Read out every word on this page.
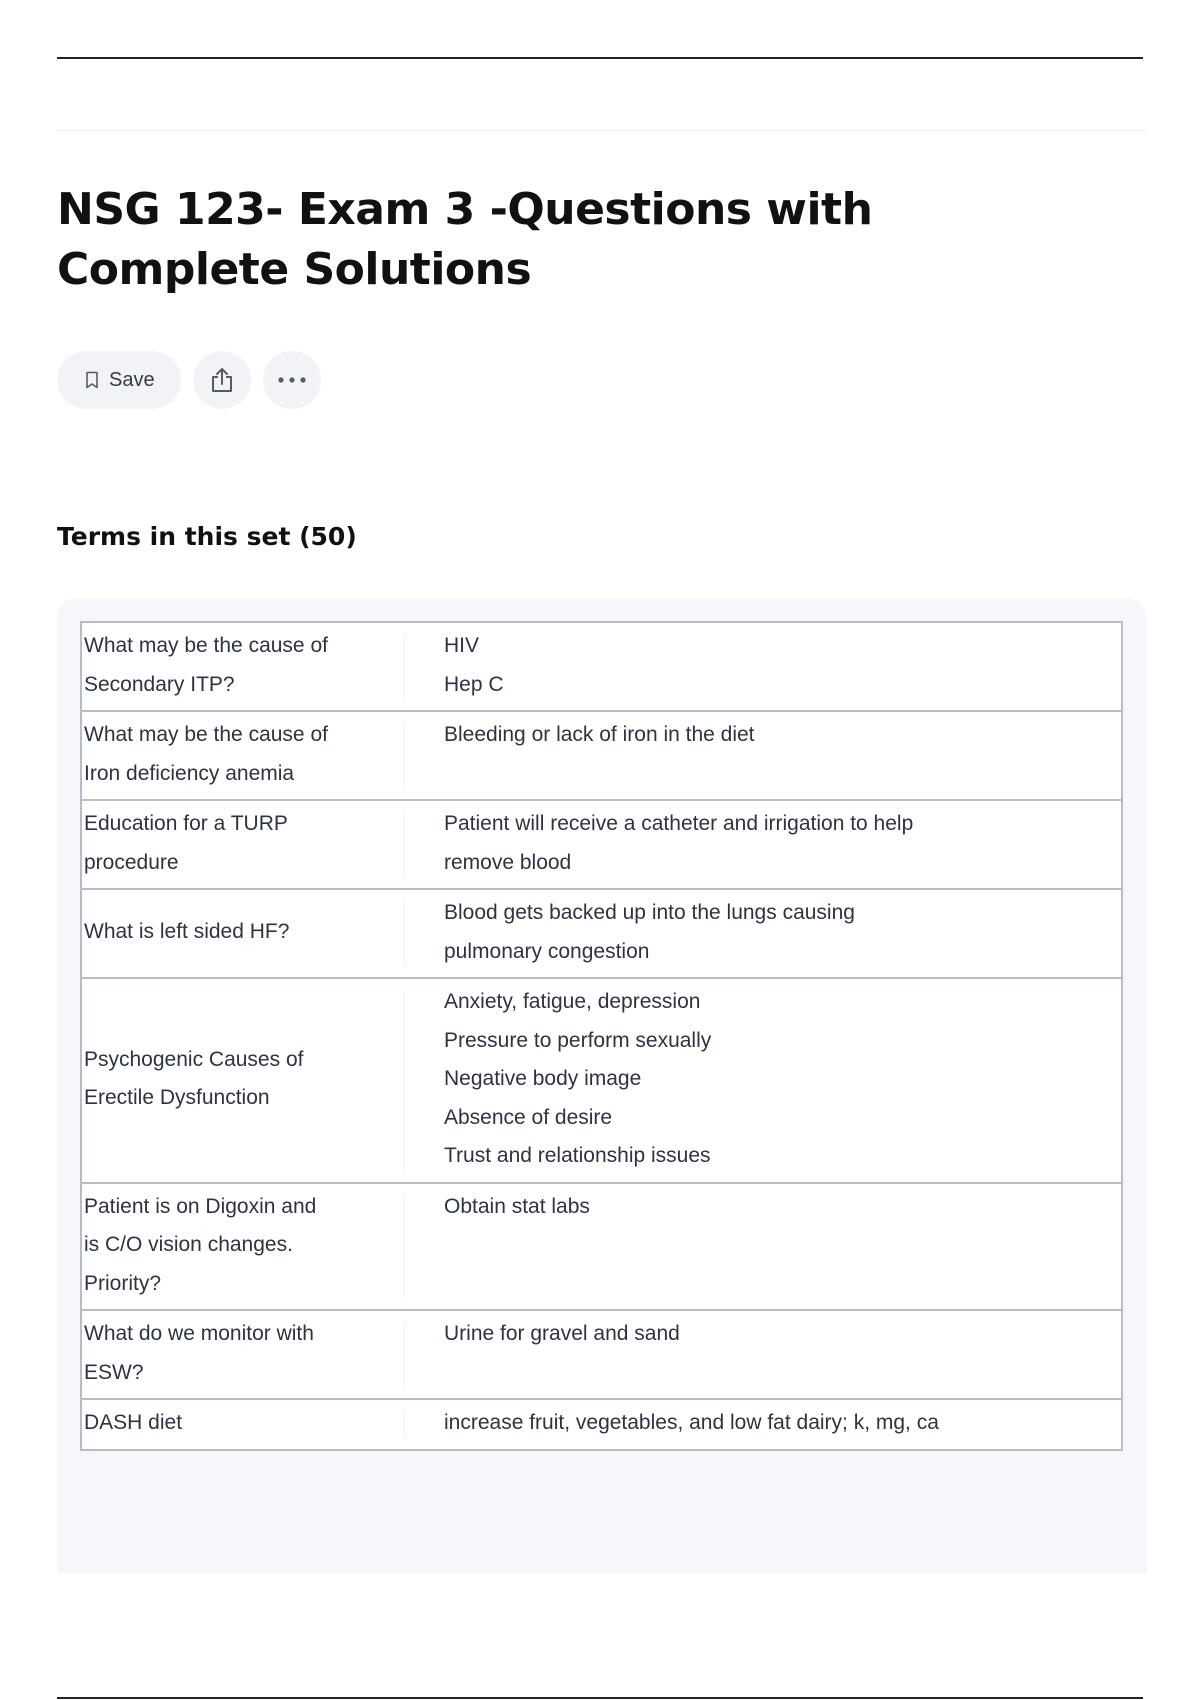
NSG 123- Exam 3 -Questions with Complete Solutions
Save
Terms in this set (50)
What may be the cause of
Secondary ITP?	HIV
Hep C

What may be the cause of
Iron deficiency anemia	Bleeding or lack of iron in the diet

Education for a TURP
procedure	Patient will receive a catheter and irrigation to help
remove blood

What is left sided HF?	Blood gets backed up into the lungs causing
pulmonary congestion

Psychogenic Causes of
Erectile Dysfunction	Anxiety, fatigue, depression
Pressure to perform sexually
Negative body image
Absence of desire
Trust and relationship issues

Patient is on Digoxin and
is C/O vision changes.
Priority?	Obtain stat labs

What do we monitor with
ESW?	Urine for gravel and sand

DASH diet	increase fruit, vegetables, and low fat dairy; k, mg, ca
